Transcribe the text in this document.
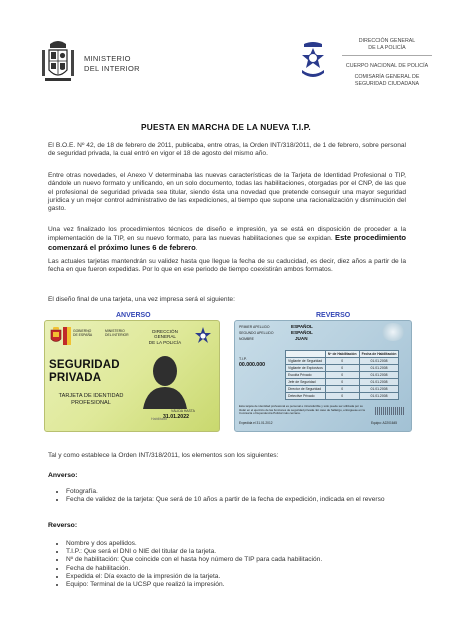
MINISTERIO
DEL INTERIOR
DIRECCIÓN GENERAL
DE LA POLICÍA
CUERPO NACIONAL DE POLICÍA
COMISARÍA GENERAL DE
SEGURIDAD CIUDADANA
PUESTA EN MARCHA DE LA NUEVA T.I.P.

El B.O.E. Nº 42, de 18 de febrero de 2011, publicaba, entre otras, la Orden INT/318/2011, de 1 de febrero, sobre personal de seguridad privada, la cual entró en vigor el 18 de agosto del mismo año.

Entre otras novedades, el Anexo V determinaba las nuevas características de la Tarjeta de Identidad Profesional o TIP, dándole un nuevo formato y unificando, en un solo documento, todas las habilitaciones, otorgadas por el CNP, de las que el profesional de seguridad privada sea titular, siendo ésta una novedad que pretende conseguir una mayor seguridad jurídica y un mejor control administrativo de las expediciones, al tiempo que supone una racionalización y disminución del gasto.

Una vez finalizado los procedimientos técnicos de diseño e impresión, ya se está en disposición de proceder a la implementación de la TIP, en su nuevo formato, para las nuevas habilitaciones que se expidan. Este procedimiento comenzará el próximo lunes 6 de febrero.

Las actuales tarjetas mantendrán su validez hasta que llegue la fecha de su caducidad, es decir, diez años a partir de la fecha en que fueron expedidas. Por lo que en ese periodo de tiempo coexistirán ambos formatos.

El diseño final de una tarjeta, una vez impresa será el siguiente:

ANVERSO	REVERSO
GOBIERNO
DE ESPAÑA
MINISTERIO
DEL INTERIOR
DIRECCIÓN GENERAL
DE LA POLICÍA
SEGURIDAD
PRIVADA
TARJETA DE IDENTIDAD
PROFESIONAL
VÁLIDA HASTA
31.01.2022
Habilitado
PRIMER APELLIDO	ESPAÑOL
SEGUNDO APELLIDO	ESPAÑOL
NOMBRE	JUAN
T.I.P.
00.000.000
	Nº de Habilitación	Fecha de Habilitación
Vigilante de Seguridad	0	01.01.2008
Vigilante de Explosivos	0	01.01.2008
Escolta Privado	0	01.01.2008
Jefe de Seguridad	0	01.01.2008
Director de Seguridad	0	01.01.2008
Detective Privado	0	01.01.2008
Esta tarjeta de identidad profesional es personal e intransferible y sólo puede ser utilizada por su titular en el ejercicio de las funciones de seguridad privada. En caso de hallazgo, entréguese en la Comisaría o Dependencia Policial más cercana.
Expedida el 31.01.2012	Equipo: A2201645

Tal y como establece la Orden INT/318/2011, los elementos son los siguientes:

Anverso:
• Fotografía.
• Fecha de validez de la tarjeta: Que será de 10 años a partir de la fecha de expedición, indicada en el reverso
Reverso:
• Nombre y dos apellidos.
• T.I.P.: Que será el DNI o NIE del titular de la tarjeta.
• Nº de habilitación: Que coincide con el hasta hoy número de TIP para cada habilitación.
• Fecha de habilitación.
• Expedida el: Día exacto de la impresión de la tarjeta.
• Equipo: Terminal de la UCSP que realizó la impresión.
